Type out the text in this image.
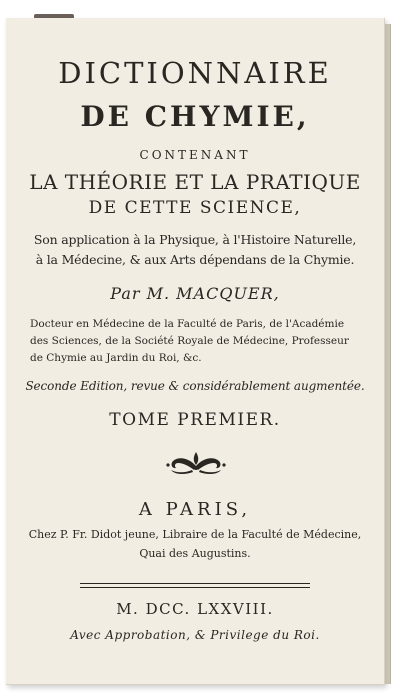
DICTIONNAIRE
DE CHYMIE,

CONTENANT

LA THÉORIE ET LA PRATIQUE

DE CETTE SCIENCE,

Son application à la Physique, à l'Histoire Naturelle,

à la Médecine, & aux Arts dépendans de la Chymie.

Par M. MACQUER,

Docteur en Médecine de la Faculté de Paris, de l'Académie

des Sciences, de la Société Royale de Médecine, Professeur

de Chymie au Jardin du Roi, &c.

Seconde Edition, revue & considérablement augmentée.

TOME PREMIER.

A PARIS,

Chez P. Fr. Didot jeune, Libraire de la Faculté de Médecine,

Quai des Augustins.

M. DCC. LXXVIII.

Avec Approbation, & Privilege du Roi.
